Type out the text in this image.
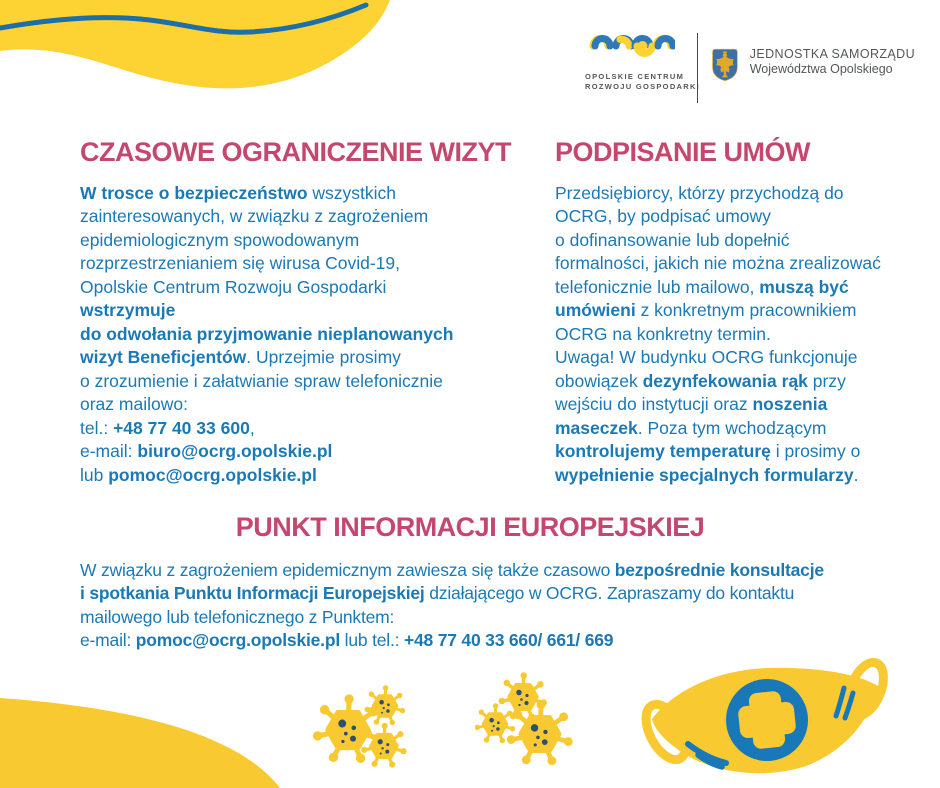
OPOLSKIE CENTRUM
ROZWOJU GOSPODARKI
JEDNOSTKA SAMORZĄDU
Województwa Opolskiego
CZASOWE OGRANICZENIE WIZYT

W trosce o bezpieczeństwo wszystkich
zainteresowanych, w związku z zagrożeniem
epidemiologicznym spowodowanym
rozprzestrzenianiem się wirusa Covid-19,
Opolskie Centrum Rozwoju Gospodarki
wstrzymuje
do odwołania przyjmowanie nieplanowanych
wizyt Beneficjentów. Uprzejmie prosimy
o zrozumienie i załatwianie spraw telefonicznie
oraz mailowo:
tel.: +48 77 40 33 600,
e-mail: biuro@ocrg.opolskie.pl
lub pomoc@ocrg.opolskie.pl

PODPISANIE UMÓW

Przedsiębiorcy, którzy przychodzą do
OCRG, by podpisać umowy
o dofinansowanie lub dopełnić
formalności, jakich nie można zrealizować
telefonicznie lub mailowo, muszą być
umówieni z konkretnym pracownikiem
OCRG na konkretny termin.
Uwaga! W budynku OCRG funkcjonuje
obowiązek dezynfekowania rąk przy
wejściu do instytucji oraz noszenia
maseczek. Poza tym wchodzącym
kontrolujemy temperaturę i prosimy o
wypełnienie specjalnych formularzy.

PUNKT INFORMACJI EUROPEJSKIEJ

W związku z zagrożeniem epidemicznym zawiesza się także czasowo bezpośrednie konsultacje
i spotkania Punktu Informacji Europejskiej działającego w OCRG. Zapraszamy do kontaktu
mailowego lub telefonicznego z Punktem:
e-mail: pomoc@ocrg.opolskie.pl lub tel.: +48 77 40 33 660/ 661/ 669
